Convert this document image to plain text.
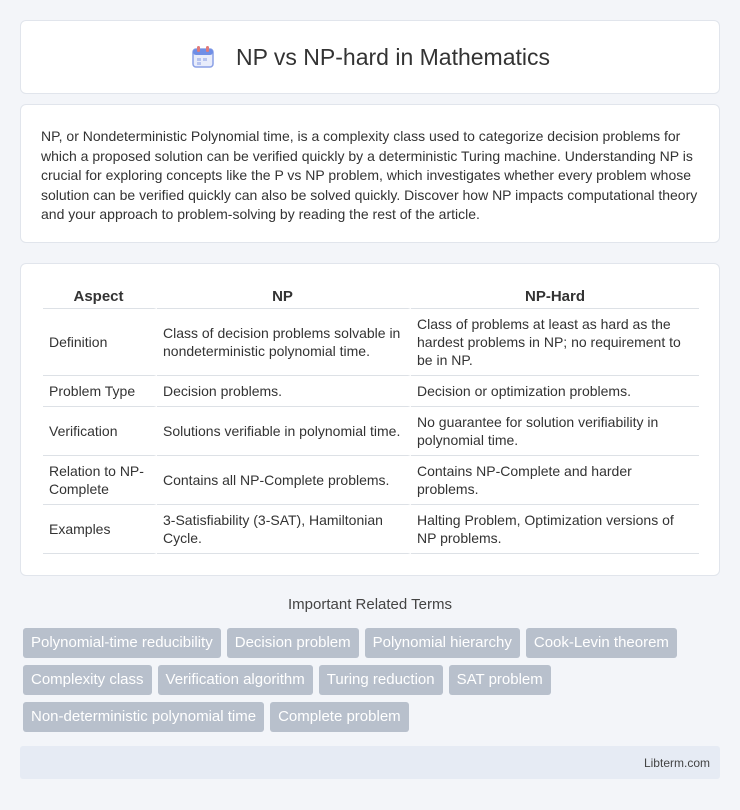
NP vs NP-hard in Mathematics

NP, or Nondeterministic Polynomial time, is a complexity class used to categorize decision problems for which a proposed solution can be verified quickly by a deterministic Turing machine. Understanding NP is crucial for exploring concepts like the P vs NP problem, which investigates whether every problem whose solution can be verified quickly can also be solved quickly. Discover how NP impacts computational theory and your approach to problem-solving by reading the rest of the article.

Aspect	NP	NP-Hard
Definition	Class of decision problems solvable in nondeterministic polynomial time.	Class of problems at least as hard as the hardest problems in NP; no requirement to be in NP.
Problem Type	Decision problems.	Decision or optimization problems.
Verification	Solutions verifiable in polynomial time.	No guarantee for solution verifiability in polynomial time.
Relation to NP-Complete	Contains all NP-Complete problems.	Contains NP-Complete and harder problems.
Examples	3-Satisfiability (3-SAT), Hamiltonian Cycle.	Halting Problem, Optimization versions of NP problems.
Important Related Terms
Polynomial-time reducibility	Decision problem	Polynomial hierarchy	Cook-Levin theorem
Complexity class	Verification algorithm	Turing reduction	SAT problem
Non-deterministic polynomial time	Complete problem
Libterm.com
